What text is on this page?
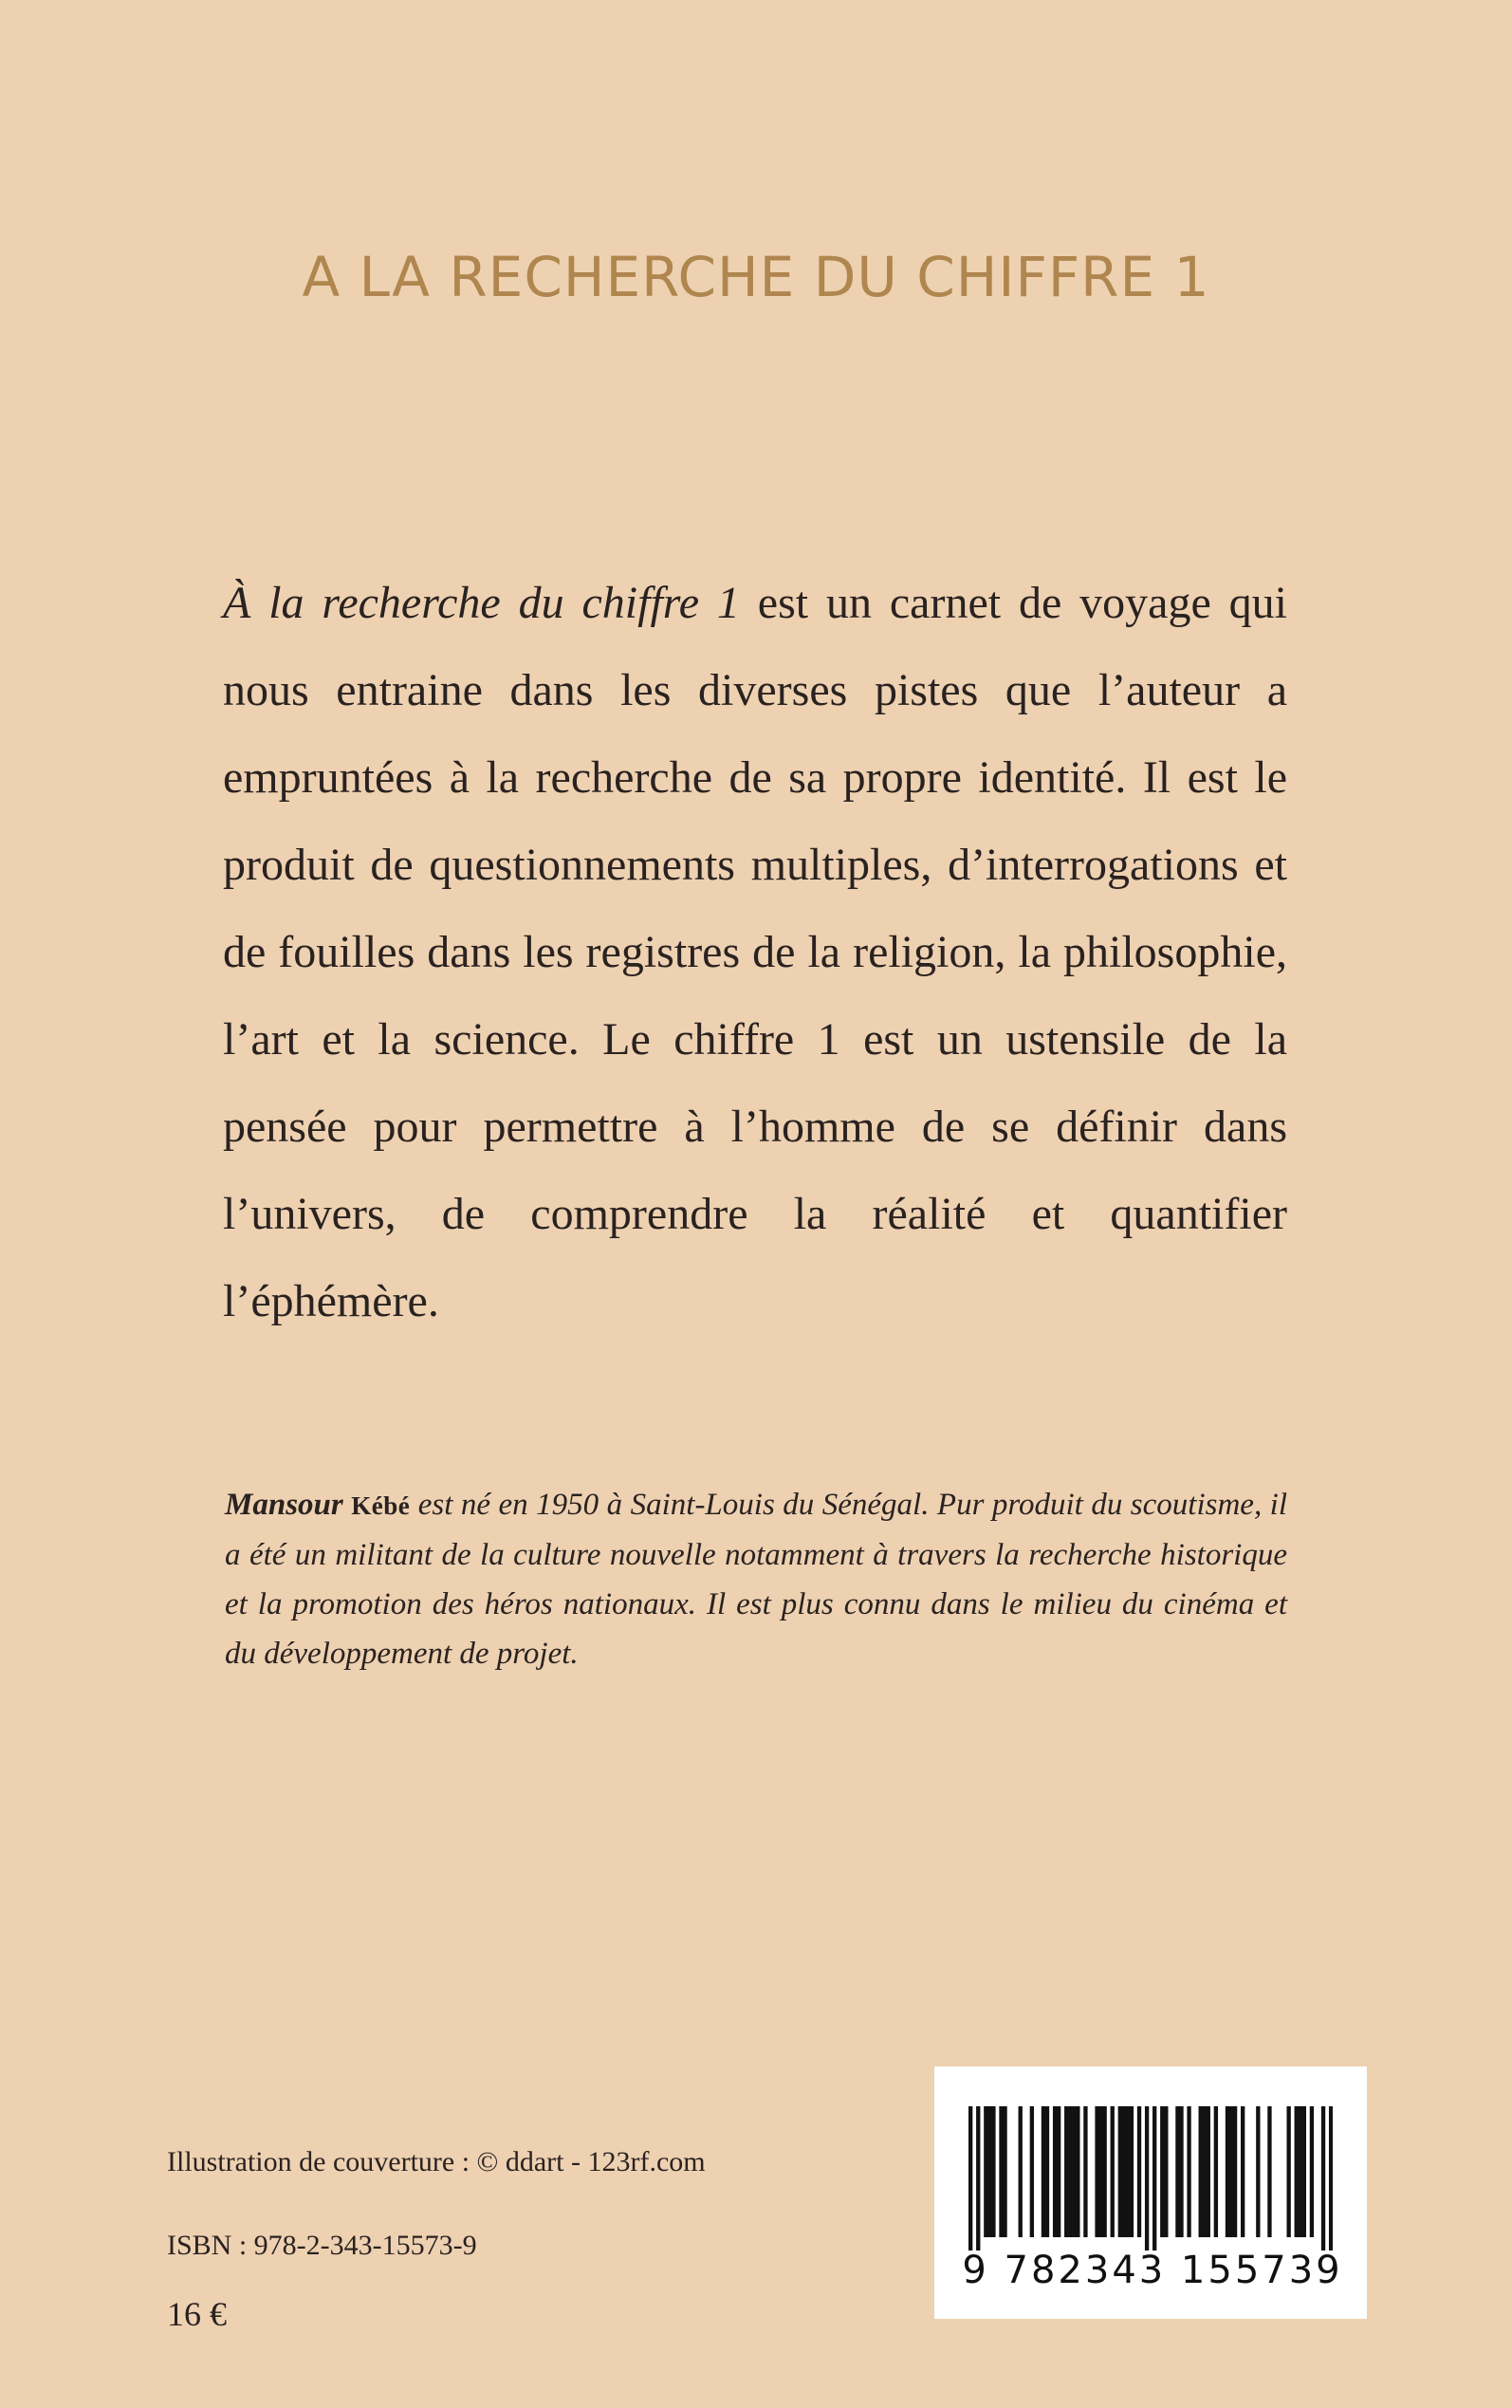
A LA RECHERCHE DU CHIFFRE 1

À la recherche du chiffre 1 est un carnet de voyage qui nous entraine dans les diverses pistes que l’auteur a empruntées à la recherche de sa propre identité. Il est le produit de questionnements multiples, d’interrogations et de fouilles dans les registres de la religion, la philosophie, l’art et la science. Le chiffre 1 est un ustensile de la pensée pour permettre à l’homme de se définir dans l’univers, de comprendre la réalité et quantifier l’éphémère.

Mansour Kébé est né en 1950 à Saint-Louis du Sénégal. Pur produit du scoutisme, il a été un militant de la culture nouvelle notamment à travers la recherche historique et la promotion des héros nationaux. Il est plus connu dans le milieu du cinéma et du développement de projet.

Illustration de couverture : © ddart - 123rf.com
ISBN : 978-2-343-15573-9
16 €
9 782343 155739
